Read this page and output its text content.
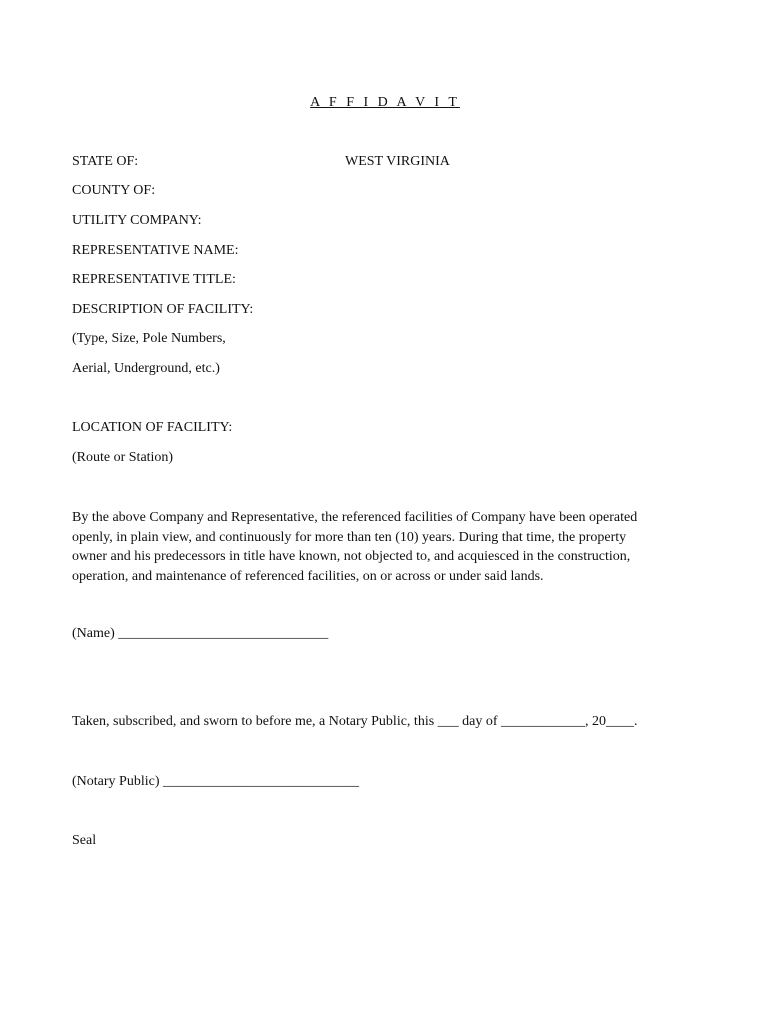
A F F I D A V I T
STATE OF:	WEST VIRGINIA
COUNTY OF:
UTILITY COMPANY:
REPRESENTATIVE NAME:
REPRESENTATIVE TITLE:
DESCRIPTION OF FACILITY:
(Type, Size, Pole Numbers,
Aerial, Underground, etc.)
LOCATION OF FACILITY:
(Route or Station)
By the above Company and Representative, the referenced facilities of Company have been operated
openly, in plain view, and continuously for more than ten (10) years. During that time, the property
owner and his predecessors in title have known, not objected to, and acquiesced in the construction,
operation, and maintenance of referenced facilities, on or across or under said lands.
(Name) ______________________________
Taken, subscribed, and sworn to before me, a Notary Public, this ___ day of ____________, 20____.
(Notary Public) ____________________________
Seal
